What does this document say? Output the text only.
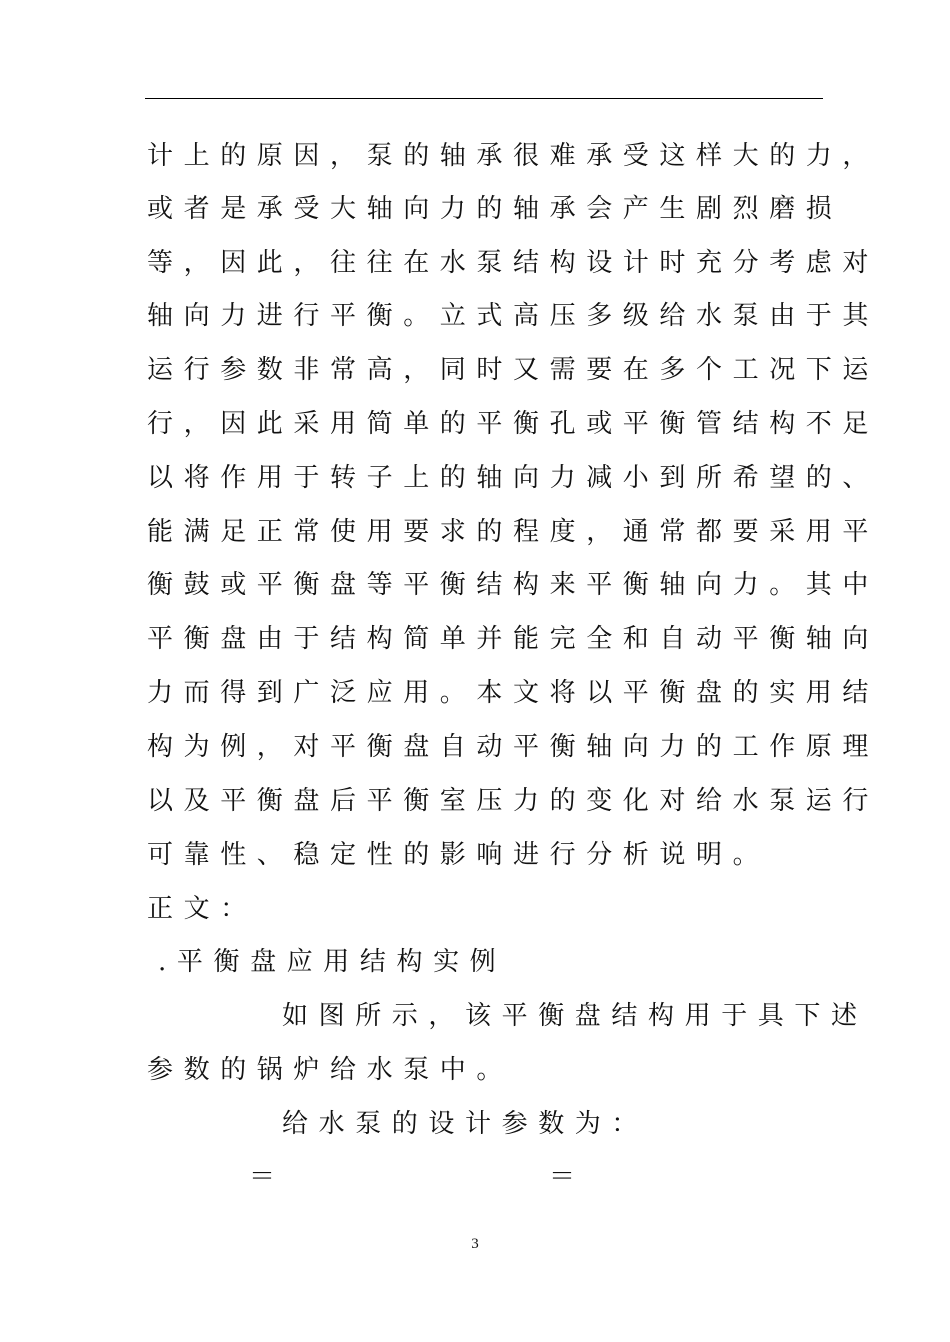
计上的原因，泵的轴承很难承受这样大的力，
或者是承受大轴向力的轴承会产生剧烈磨损
等，因此，往往在水泵结构设计时充分考虑对
轴向力进行平衡。立式高压多级给水泵由于其
运行参数非常高，同时又需要在多个工况下运
行，因此采用简单的平衡孔或平衡管结构不足
以将作用于转子上的轴向力减小到所希望的、
能满足正常使用要求的程度，通常都要采用平
衡鼓或平衡盘等平衡结构来平衡轴向力。其中
平衡盘由于结构简单并能完全和自动平衡轴向
力而得到广泛应用。本文将以平衡盘的实用结
构为例，对平衡盘自动平衡轴向力的工作原理
以及平衡盘后平衡室压力的变化对给水泵运行
可靠性、稳定性的影响进行分析说明。
正文：
.平衡盘应用结构实例
如图所示，该平衡盘结构用于具下述
参数的锅炉给水泵中。
给水泵的设计参数为：
＝	＝
3
